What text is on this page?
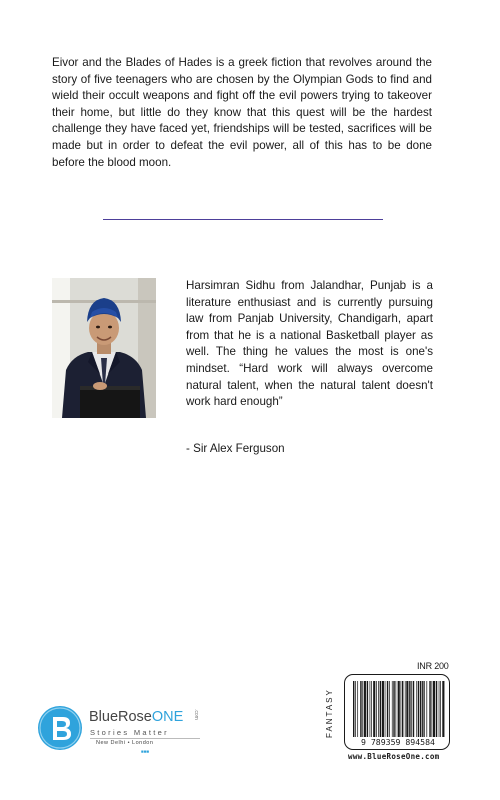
Eivor and the Blades of Hades is a greek fiction that revolves around the story of five teenagers who are chosen by the Olympian Gods to find and wield their occult weapons and fight off the evil powers trying to takeover their home, but little do they know that this quest will be the hardest challenge they have faced yet, friendships will be tested, sacrifices will be made but in order to defeat the evil power, all of this has to be done before the blood moon.

Harsimran Sidhu from Jalandhar, Punjab is a literature enthusiast and is currently pursuing law from Panjab University, Chandigarh, apart from that he is a national Basketball player as well. The thing he values the most is one's mindset. “Hard work will always overcome natural talent, when the natural talent doesn't work hard enough”

- Sir Alex Ferguson

BlueRoseONE .com
Stories Matter
New Delhi • London
■■■
INR 200
FANTASY
9 789359 894584
www.BlueRoseOne.com
